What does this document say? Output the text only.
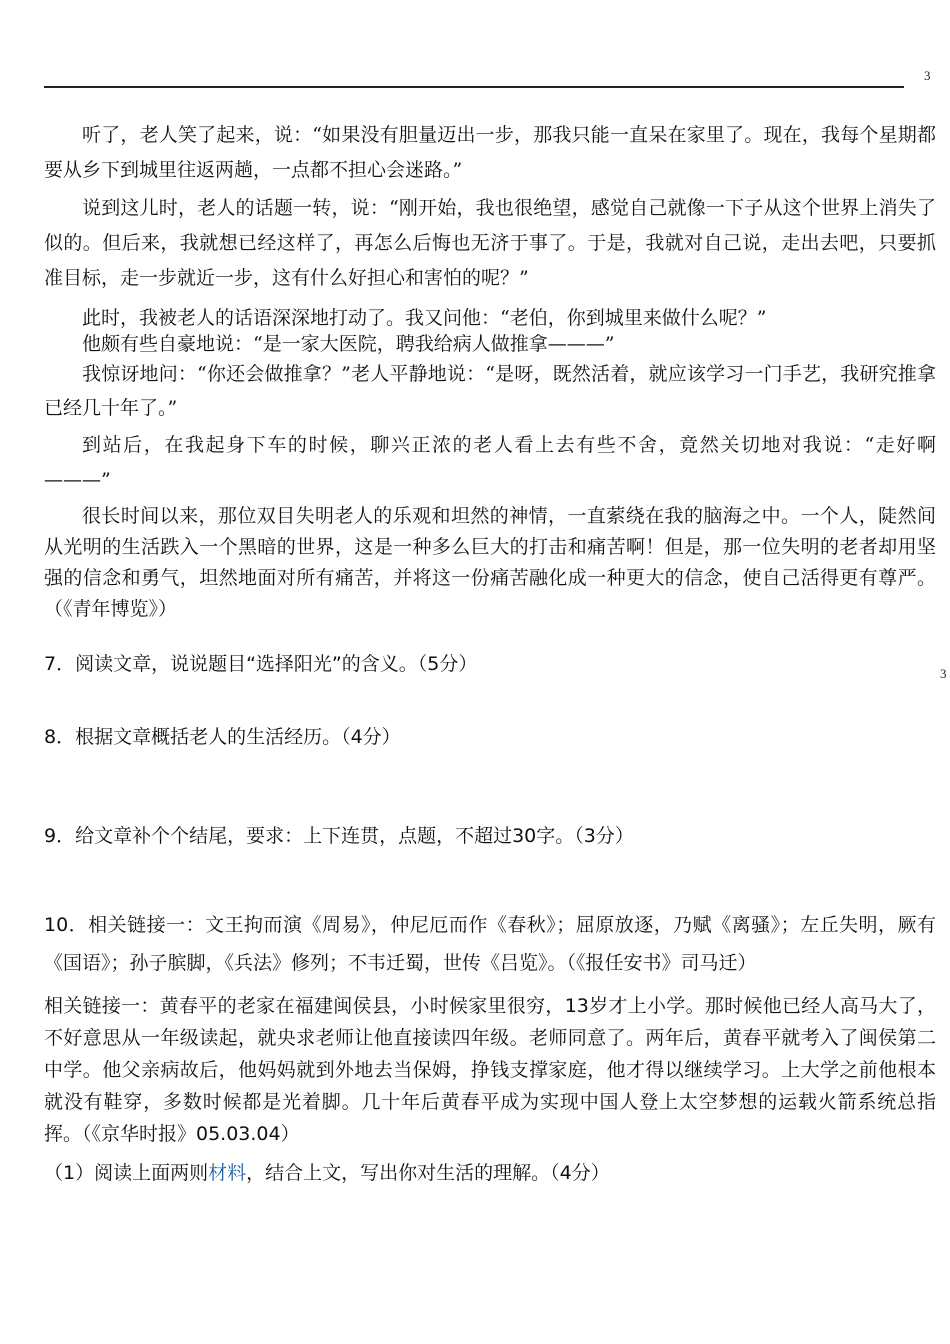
3
3

听了，老人笑了起来，说：“如果没有胆量迈出一步，那我只能一直呆在家里了。现在，我每个星期都要从乡下到城里往返两趟，一点都不担心会迷路。”

说到这儿时，老人的话题一转，说：“刚开始，我也很绝望，感觉自己就像一下子从这个世界上消失了似的。但后来，我就想已经这样了，再怎么后悔也无济于事了。于是，我就对自己说，走出去吧，只要抓准目标，走一步就近一步，这有什么好担心和害怕的呢？”

此时，我被老人的话语深深地打动了。我又问他：“老伯，你到城里来做什么呢？”

他颇有些自豪地说：“是一家大医院，聘我给病人做推拿———”

我惊讶地问：“你还会做推拿？”老人平静地说：“是呀，既然活着，就应该学习一门手艺，我研究推拿已经几十年了。”

到站后，在我起身下车的时候，聊兴正浓的老人看上去有些不舍，竟然关切地对我说：“走好啊———”

很长时间以来，那位双目失明老人的乐观和坦然的神情，一直萦绕在我的脑海之中。一个人，陡然间从光明的生活跌入一个黑暗的世界，这是一种多么巨大的打击和痛苦啊！但是，那一位失明的老者却用坚强的信念和勇气，坦然地面对所有痛苦，并将这一份痛苦融化成一种更大的信念，使自己活得更有尊严。（《青年博览》）

7．阅读文章，说说题目“选择阳光”的含义。（5分）

8．根据文章概括老人的生活经历。（4分）

9．给文章补个个结尾，要求：上下连贯，点题，不超过30字。（3分）

10．相关链接一：文王拘而演《周易》，仲尼厄而作《春秋》；屈原放逐，乃赋《离骚》；左丘失明，厥有《国语》；孙子膑脚，《兵法》修列；不韦迁蜀，世传《吕览》。（《报任安书》司马迁）

相关链接一：黄春平的老家在福建闽侯县，小时候家里很穷，13岁才上小学。那时候他已经人高马大了，不好意思从一年级读起，就央求老师让他直接读四年级。老师同意了。两年后，黄春平就考入了闽侯第二中学。他父亲病故后，他妈妈就到外地去当保姆，挣钱支撑家庭，他才得以继续学习。上大学之前他根本就没有鞋穿，多数时候都是光着脚。几十年后黄春平成为实现中国人登上太空梦想的运载火箭系统总指挥。（《京华时报》05.03.04）

（1）阅读上面两则材料，结合上文，写出你对生活的理解。（4分）
